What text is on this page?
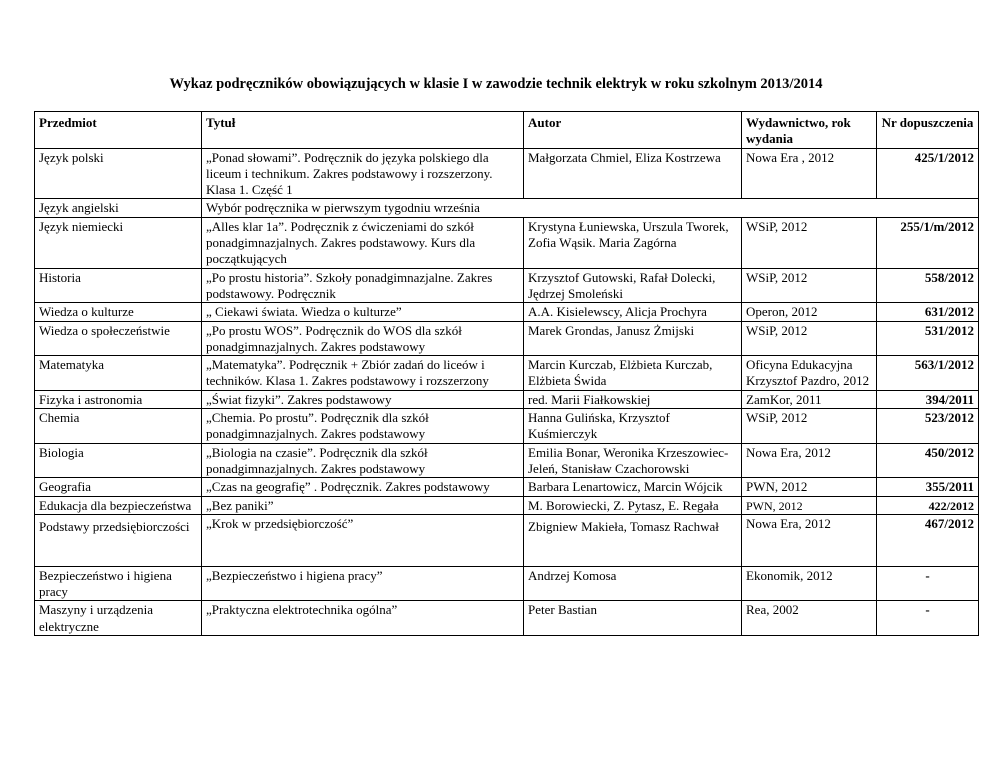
Wykaz podręczników obowiązujących w klasie I w zawodzie technik elektryk w roku szkolnym 2013/2014
Przedmiot	Tytuł	Autor	Wydawnictwo, rok wydania	Nr dopuszczenia
Język polski	„Ponad słowami”. Podręcznik do języka polskiego dla liceum i technikum. Zakres podstawowy i rozszerzony. Klasa 1. Część 1	Małgorzata Chmiel, Eliza Kostrzewa	Nowa Era , 2012	425/1/2012
Język angielski	Wybór podręcznika w pierwszym tygodniu września			
Język niemiecki	„Alles klar 1a”. Podręcznik z ćwiczeniami do szkół ponadgimnazjalnych. Zakres podstawowy. Kurs dla początkujących	Krystyna Łuniewska, Urszula Tworek, Zofia Wąsik. Maria Zagórna	WSiP, 2012	255/1/m/2012
Historia	„Po prostu historia”. Szkoły ponadgimnazjalne. Zakres podstawowy. Podręcznik	Krzysztof Gutowski, Rafał Dolecki, Jędrzej Smoleński	WSiP, 2012	558/2012
Wiedza o kulturze	„ Ciekawi świata. Wiedza o kulturze”	A.A. Kisielewscy, Alicja Prochyra	Operon, 2012	631/2012
Wiedza o społeczeństwie	„Po prostu WOS”. Podręcznik do WOS dla szkół ponadgimnazjalnych. Zakres podstawowy	Marek Grondas, Janusz Żmijski	WSiP, 2012	531/2012
Matematyka	„Matematyka”. Podręcznik + Zbiór zadań do liceów i techników. Klasa 1. Zakres podstawowy i rozszerzony	Marcin Kurczab, Elżbieta Kurczab, Elżbieta Świda	Oficyna Edukacyjna Krzysztof Pazdro, 2012	563/1/2012
Fizyka i astronomia	„Świat fizyki”. Zakres podstawowy	red. Marii Fiałkowskiej	ZamKor, 2011	394/2011
Chemia	„Chemia. Po prostu”. Podręcznik dla szkół ponadgimnazjalnych. Zakres podstawowy	Hanna Gulińska, Krzysztof Kuśmierczyk	WSiP, 2012	523/2012
Biologia	„Biologia na czasie”. Podręcznik dla szkół ponadgimnazjalnych. Zakres podstawowy	Emilia Bonar, Weronika Krzeszowiec- Jeleń, Stanisław Czachorowski	Nowa Era, 2012	450/2012
Geografia	„Czas na geografię” . Podręcznik. Zakres podstawowy	Barbara Lenartowicz, Marcin Wójcik	PWN, 2012	355/2011
Edukacja dla bezpieczeństwa	„Bez paniki”	M. Borowiecki, Z. Pytasz, E. Regała	PWN, 2012	422/2012
Podstawy przedsiębiorczości	„Krok w przedsiębiorczość”	Zbigniew Makieła, Tomasz Rachwał	Nowa Era, 2012	467/2012
Bezpieczeństwo i higiena pracy	„Bezpieczeństwo i higiena pracy”	Andrzej Komosa	Ekonomik, 2012	-
Maszyny i urządzenia elektryczne	„Praktyczna elektrotechnika ogólna”	Peter Bastian	Rea, 2002	-
